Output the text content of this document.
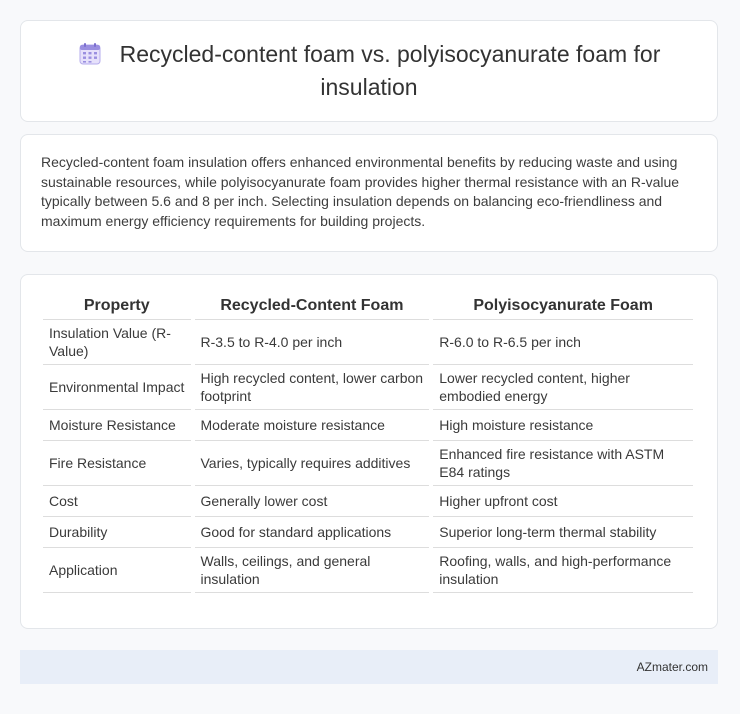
Recycled-content foam vs. polyisocyanurate foam for insulation
Recycled-content foam insulation offers enhanced environmental benefits by reducing waste and using sustainable resources, while polyisocyanurate foam provides higher thermal resistance with an R-value typically between 5.6 and 8 per inch. Selecting insulation depends on balancing eco-friendliness and maximum energy efficiency requirements for building projects.
Property	Recycled-Content Foam	Polyisocyanurate Foam
Insulation Value (R-Value)	R-3.5 to R-4.0 per inch	R-6.0 to R-6.5 per inch
Environmental Impact	High recycled content, lower carbon footprint	Lower recycled content, higher embodied energy
Moisture Resistance	Moderate moisture resistance	High moisture resistance
Fire Resistance	Varies, typically requires additives	Enhanced fire resistance with ASTM E84 ratings
Cost	Generally lower cost	Higher upfront cost
Durability	Good for standard applications	Superior long-term thermal stability
Application	Walls, ceilings, and general insulation	Roofing, walls, and high-performance insulation
AZmater.com
